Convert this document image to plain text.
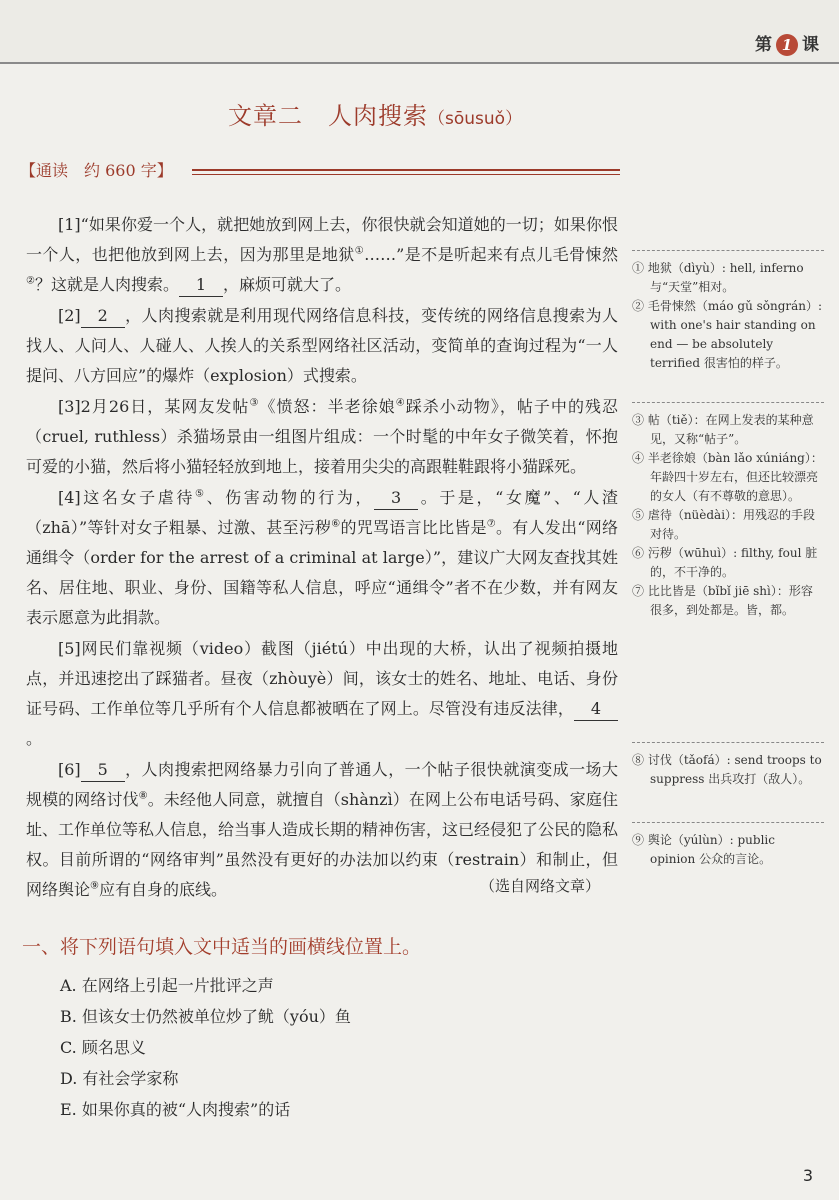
第 1 课
文章二　人肉搜索（sōusuǒ）
【通读　约 660 字】

[1]“如果你爱一个人，就把她放到网上去，你很快就会知道她的一切；如果你恨一个人，也把他放到网上去，因为那里是地狱①……”是不是听起来有点儿毛骨悚然②？这就是人肉搜索。 1 ，麻烦可就大了。

[2] 2 ，人肉搜索就是利用现代网络信息科技，变传统的网络信息搜索为人找人、人问人、人碰人、人挨人的关系型网络社区活动，变简单的查询过程为“一人提问、八方回应”的爆炸（explosion）式搜索。

[3]2月26日，某网友发帖③《愤怒：半老徐娘④踩杀小动物》，帖子中的残忍（cruel, ruthless）杀猫场景由一组图片组成：一个时髦的中年女子微笑着，怀抱可爱的小猫，然后将小猫轻轻放到地上，接着用尖尖的高跟鞋鞋跟将小猫踩死。

[4]这名女子虐待⑤、伤害动物的行为， 3 。于是，“女魔”、“人渣（zhā）”等针对女子粗暴、过激、甚至污秽⑥的咒骂语言比比皆是⑦。有人发出“网络通缉令（order for the arrest of a criminal at large）”，建议广大网友查找其姓名、居住地、职业、身份、国籍等私人信息，呼应“通缉令”者不在少数，并有网友表示愿意为此捐款。

[5]网民们靠视频（video）截图（jiétú）中出现的大桥，认出了视频拍摄地点，并迅速挖出了踩猫者。昼夜（zhòuyè）间，该女士的姓名、地址、电话、身份证号码、工作单位等几乎所有个人信息都被晒在了网上。尽管没有违反法律， 4。

[6] 5 ，人肉搜索把网络暴力引向了普通人，一个帖子很快就演变成一场大规模的网络讨伐⑧。未经他人同意，就擅自（shànzì）在网上公布电话号码、家庭住址、工作单位等私人信息，给当事人造成长期的精神伤害，这已经侵犯了公民的隐私权。目前所谓的“网络审判”虽然没有更好的办法加以约束（restrain）和制止，但网络舆论⑨应有自身的底线。	（选自网络文章）
一、将下列语句填入文中适当的画横线位置上。
A. 在网络上引起一片批评之声
B. 但该女士仍然被单位炒了鱿（yóu）鱼
C. 顾名思义
D. 有社会学家称
E. 如果你真的被“人肉搜索”的话
① 地狱（dìyù）: hell, inferno 与“天堂”相对。
② 毛骨悚然（máo gǔ sǒngrán）: with one's hair standing on end — be absolutely terrified 很害怕的样子。
③ 帖（tiě）：在网上发表的某种意见，又称“帖子”。
④ 半老徐娘（bàn lǎo xúniáng）：年龄四十岁左右，但还比较漂亮的女人（有不尊敬的意思）。
⑤ 虐待（nüèdài）：用残忍的手段对待。
⑥ 污秽（wūhuì）: filthy, foul 脏的，不干净的。
⑦ 比比皆是（bǐbǐ jiē shì）：形容很多，到处都是。皆，都。
⑧ 讨伐（tǎofá）: send troops to suppress 出兵攻打（敌人）。
⑨ 舆论（yúlùn）: public opinion 公众的言论。
3
